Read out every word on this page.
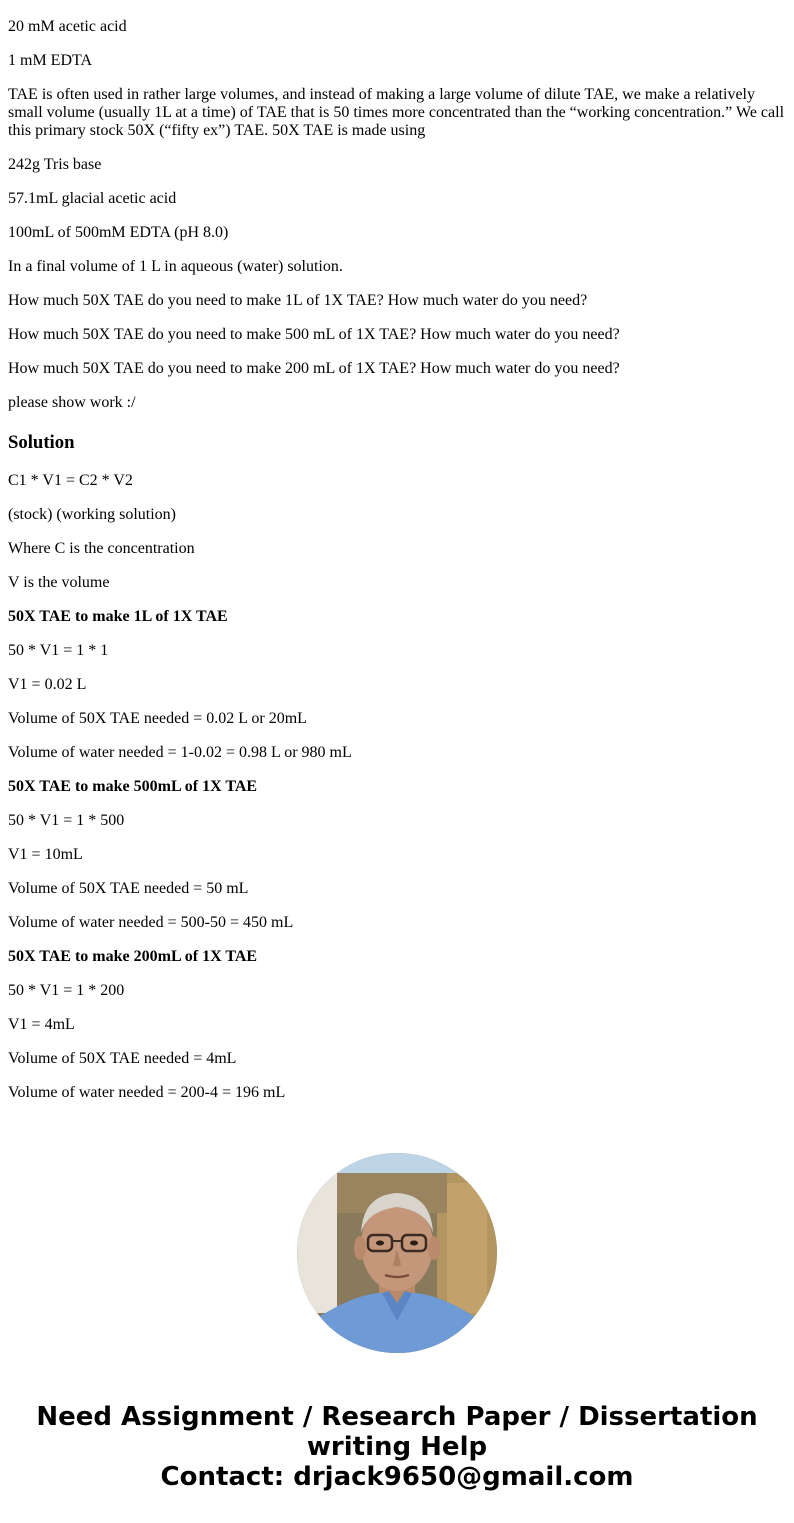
20 mM acetic acid

1 mM EDTA

TAE is often used in rather large volumes, and instead of making a large volume of dilute TAE, we make a relatively small volume (usually 1L at a time) of TAE that is 50 times more concentrated than the “working concentration.” We call this primary stock 50X (“fifty ex”) TAE. 50X TAE is made using

242g Tris base

57.1mL glacial acetic acid

100mL of 500mM EDTA (pH 8.0)

In a final volume of 1 L in aqueous (water) solution.

How much 50X TAE do you need to make 1L of 1X TAE? How much water do you need?

How much 50X TAE do you need to make 500 mL of 1X TAE? How much water do you need?

How much 50X TAE do you need to make 200 mL of 1X TAE? How much water do you need?

please show work :/

Solution

C1 * V1 = C2 * V2

(stock) (working solution)

Where C is the concentration

V is the volume

50X TAE to make 1L of 1X TAE

50 * V1 = 1 * 1

V1 = 0.02 L

Volume of 50X TAE needed = 0.02 L or 20mL

Volume of water needed = 1-0.02 = 0.98 L or 980 mL

50X TAE to make 500mL of 1X TAE

50 * V1 = 1 * 500

V1 = 10mL

Volume of 50X TAE needed = 50 mL

Volume of water needed = 500-50 = 450 mL

50X TAE to make 200mL of 1X TAE

50 * V1 = 1 * 200

V1 = 4mL

Volume of 50X TAE needed = 4mL

Volume of water needed = 200-4 = 196 mL

Need Assignment / Research Paper / Dissertation
writing Help
Contact: drjack9650@gmail.com
